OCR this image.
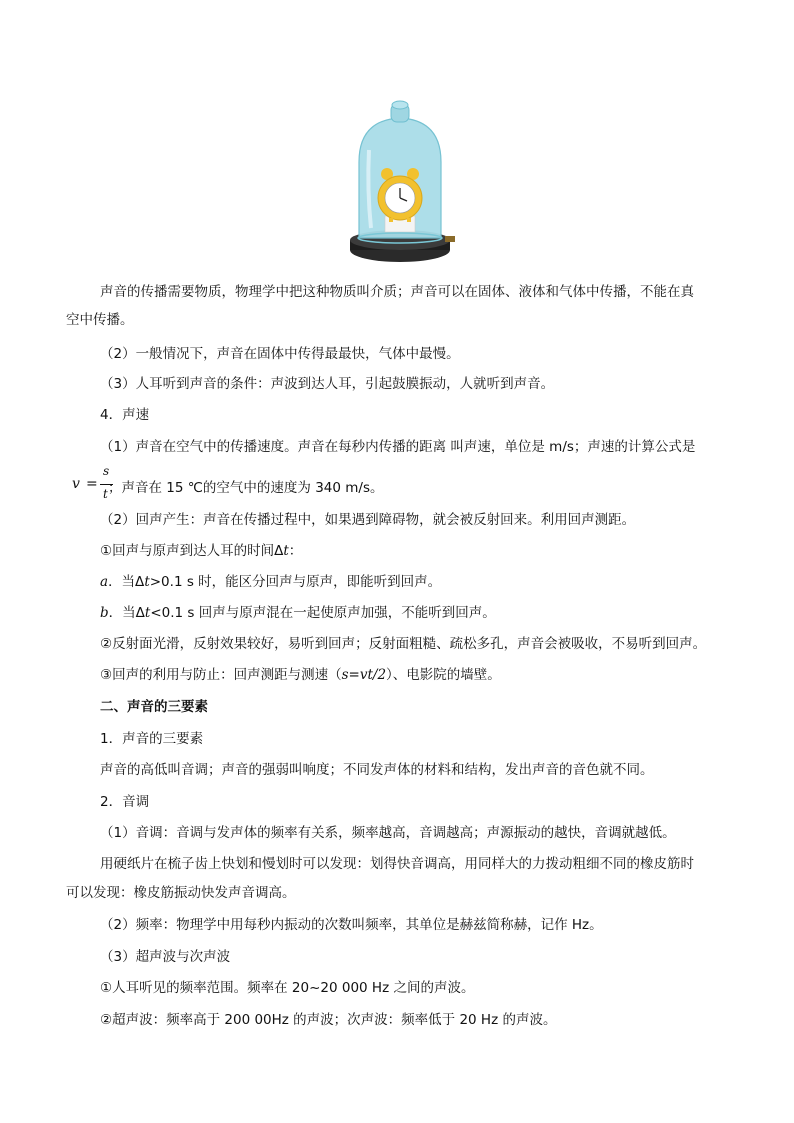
声音的传播需要物质，物理学中把这种物质叫介质；声音可以在固体、液体和气体中传播，不能在真
空中传播。
（2）一般情况下，声音在固体中传得最最快，气体中最慢。
（3）人耳听到声音的条件：声波到达人耳，引起鼓膜振动，人就听到声音。
4．声速
（1）声音在空气中的传播速度。声音在每秒内传播的距离 叫声速，单位是 m/s；声速的计算公式是
v =
s
t ；声音在 15 ℃的空气中的速度为 340 m/s。
（2）回声产生：声音在传播过程中，如果遇到障碍物，就会被反射回来。利用回声测距。
①回声与原声到达人耳的时间Δt：
a．当Δt>0.1 s 时，能区分回声与原声，即能听到回声。
b．当Δt<0.1 s 回声与原声混在一起使原声加强，不能听到回声。
②反射面光滑，反射效果较好，易听到回声；反射面粗糙、疏松多孔，声音会被吸收，不易听到回声。
③回声的利用与防止：回声测距与测速（s=vt/2）、电影院的墙壁。
二、声音的三要素
1．声音的三要素
声音的高低叫音调；声音的强弱叫响度；不同发声体的材料和结构，发出声音的音色就不同。
2．音调
（1）音调：音调与发声体的频率有关系，频率越高，音调越高；声源振动的越快，音调就越低。
用硬纸片在梳子齿上快划和慢划时可以发现：划得快音调高，用同样大的力拨动粗细不同的橡皮筋时
可以发现：橡皮筋振动快发声音调高。
（2）频率：物理学中用每秒内振动的次数叫频率，其单位是赫兹简称赫，记作 Hz。
（3）超声波与次声波
①人耳听见的频率范围。频率在 20~20 000 Hz 之间的声波。
②超声波：频率高于 200 00Hz 的声波；次声波：频率低于 20 Hz 的声波。
